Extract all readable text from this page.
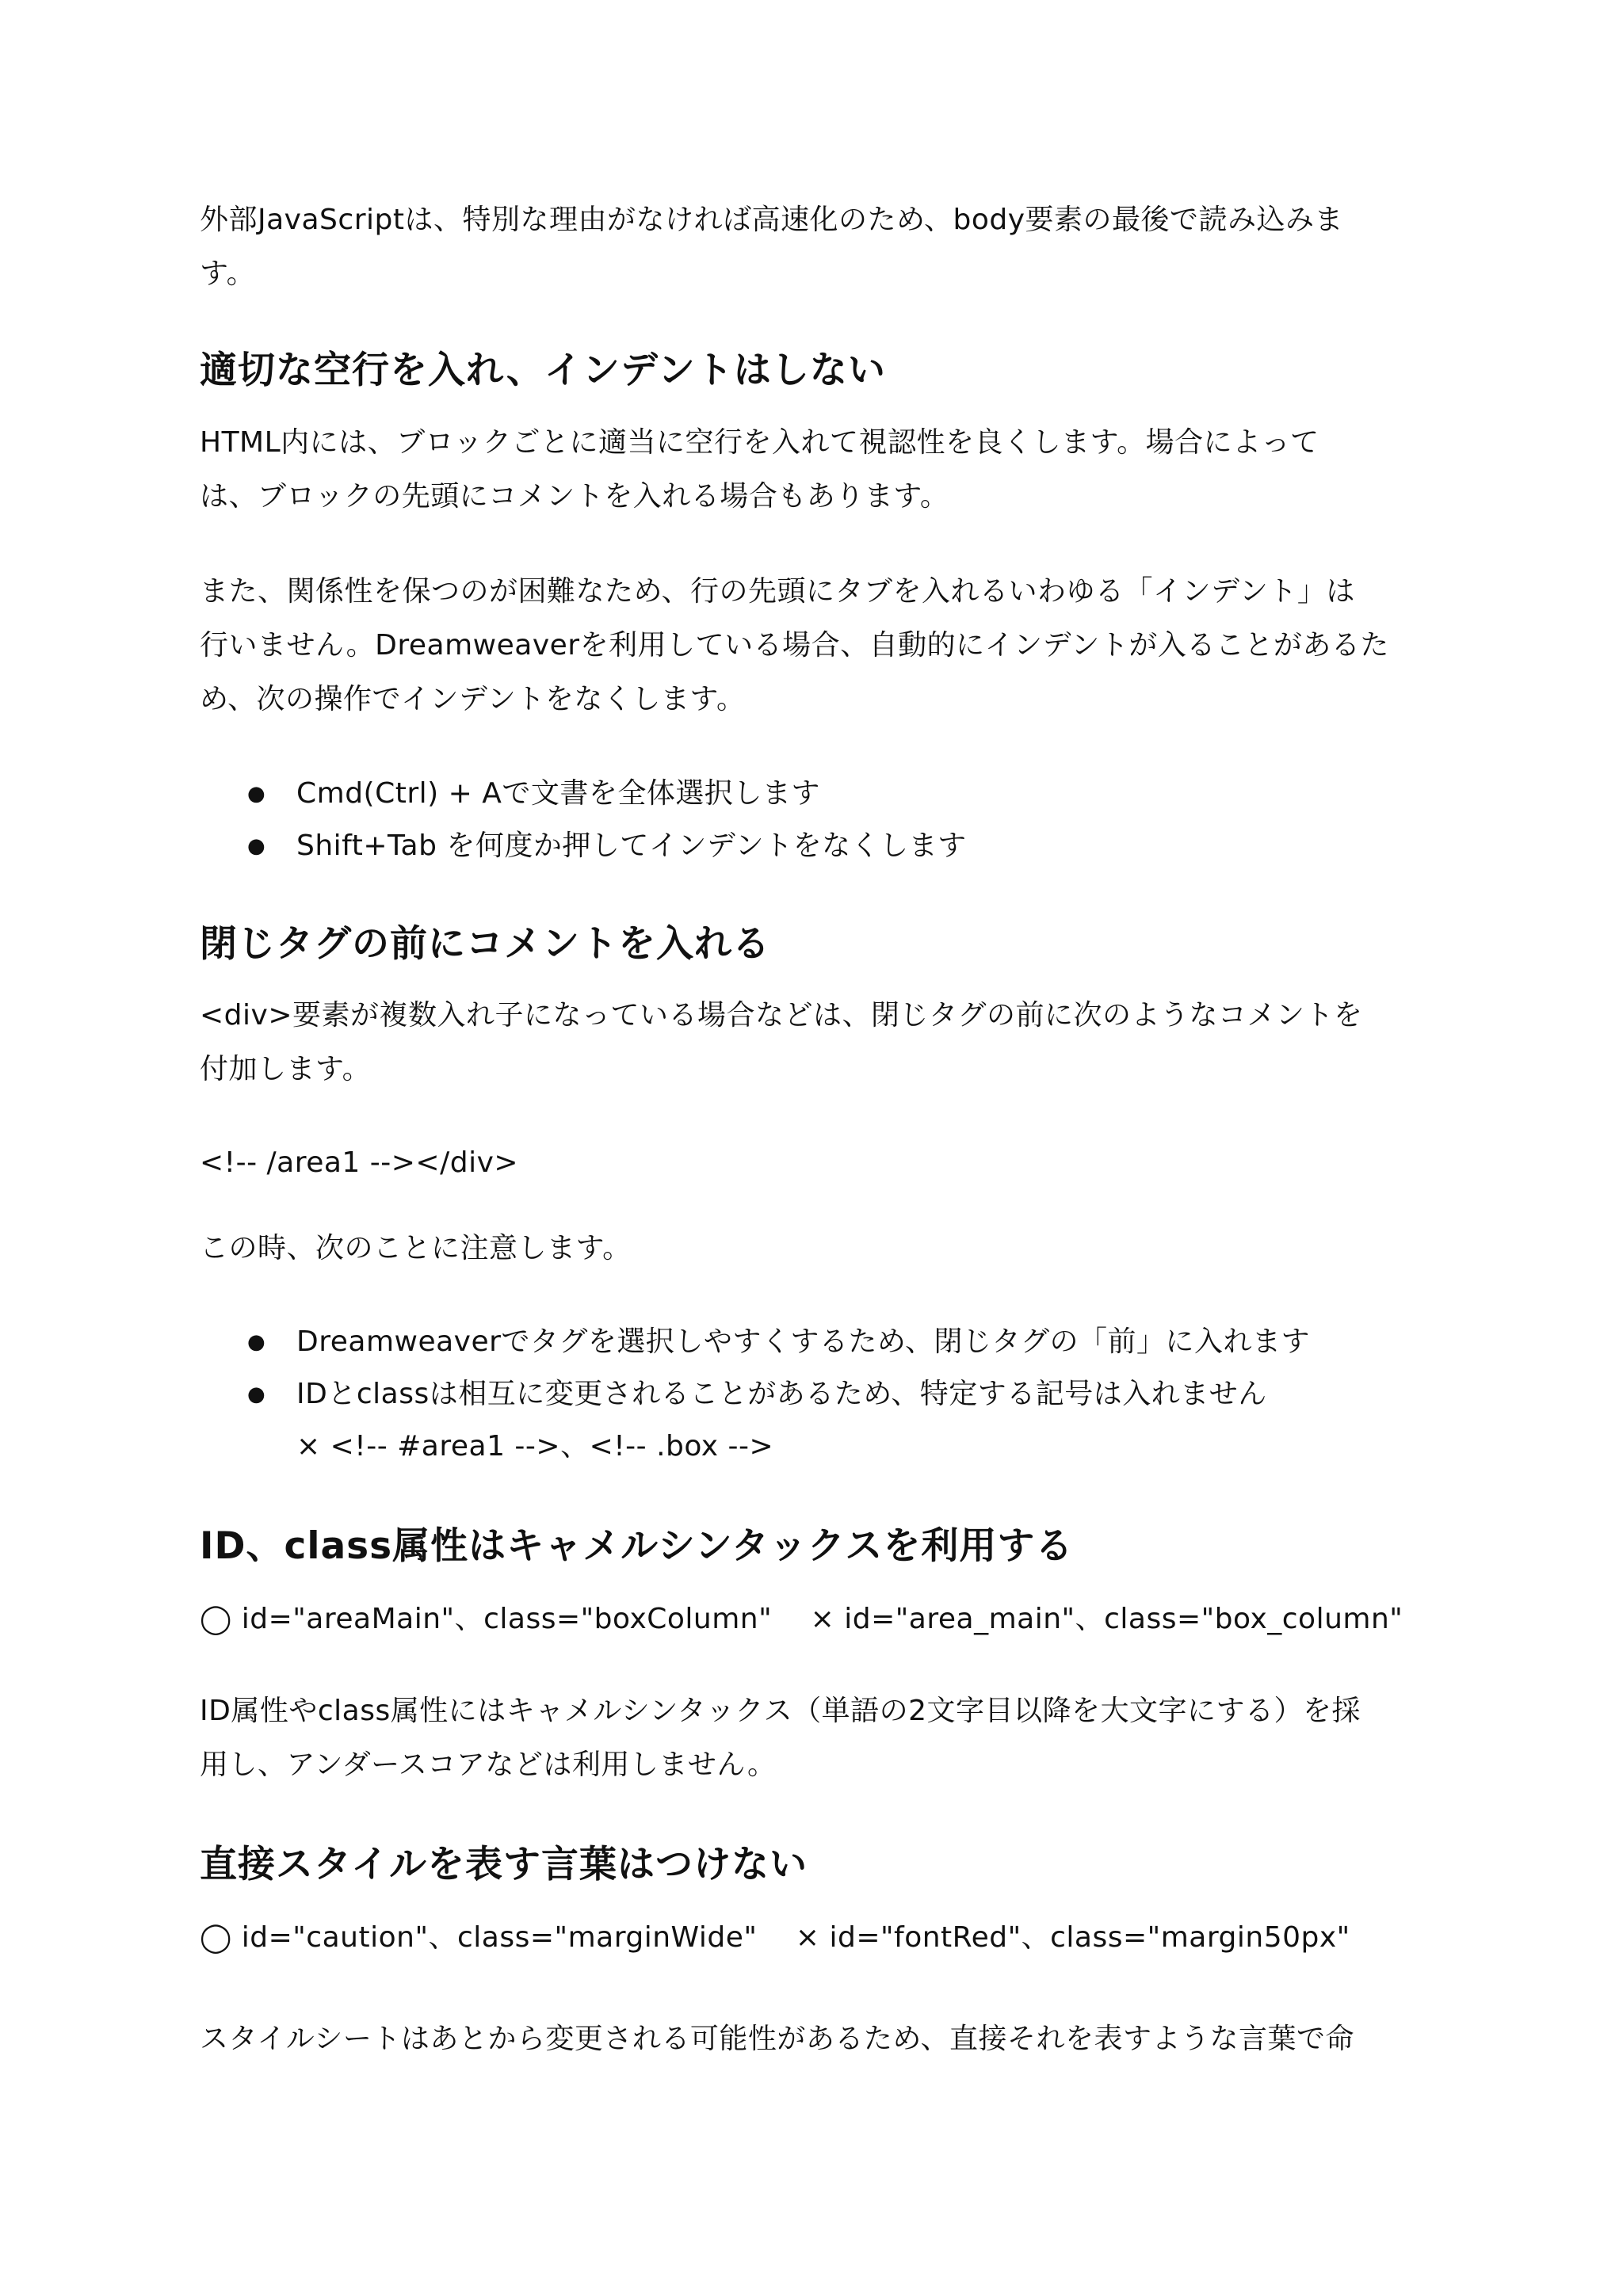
外部JavaScriptは、特別な理由がなければ高速化のため、body要素の最後で読み込みま

す。

適切な空行を入れ、インデントはしない

HTML内には、ブロックごとに適当に空行を入れて視認性を良くします。場合によって

は、ブロックの先頭にコメントを入れる場合もあります。

また、関係性を保つのが困難なため、行の先頭にタブを入れるいわゆる「インデント」は

行いません。Dreamweaverを利用している場合、自動的にインデントが入ることがあるた

め、次の操作でインデントをなくします。

● Cmd(Ctrl) + Aで文書を全体選択します
● Shift+Tab を何度か押してインデントをなくします
閉じタグの前にコメントを入れる

<div>要素が複数入れ子になっている場合などは、閉じタグの前に次のようなコメントを

付加します。

<!-- /area1 --></div>

この時、次のことに注意します。

● Dreamweaverでタグを選択しやすくするため、閉じタグの「前」に入れます
● IDとclassは相互に変更されることがあるため、特定する記号は入れません
× <!-- #area1 -->、<!-- .box -->
ID、class属性はキャメルシンタックスを利用する

◯ id="areaMain"、class="boxColumn"　 × id="area_main"、class="box_column"

ID属性やclass属性にはキャメルシンタックス（単語の2文字目以降を大文字にする）を採

用し、アンダースコアなどは利用しません。

直接スタイルを表す言葉はつけない

◯ id="caution"、class="marginWide"　 × id="fontRed"、class="margin50px"

スタイルシートはあとから変更される可能性があるため、直接それを表すような言葉で命
